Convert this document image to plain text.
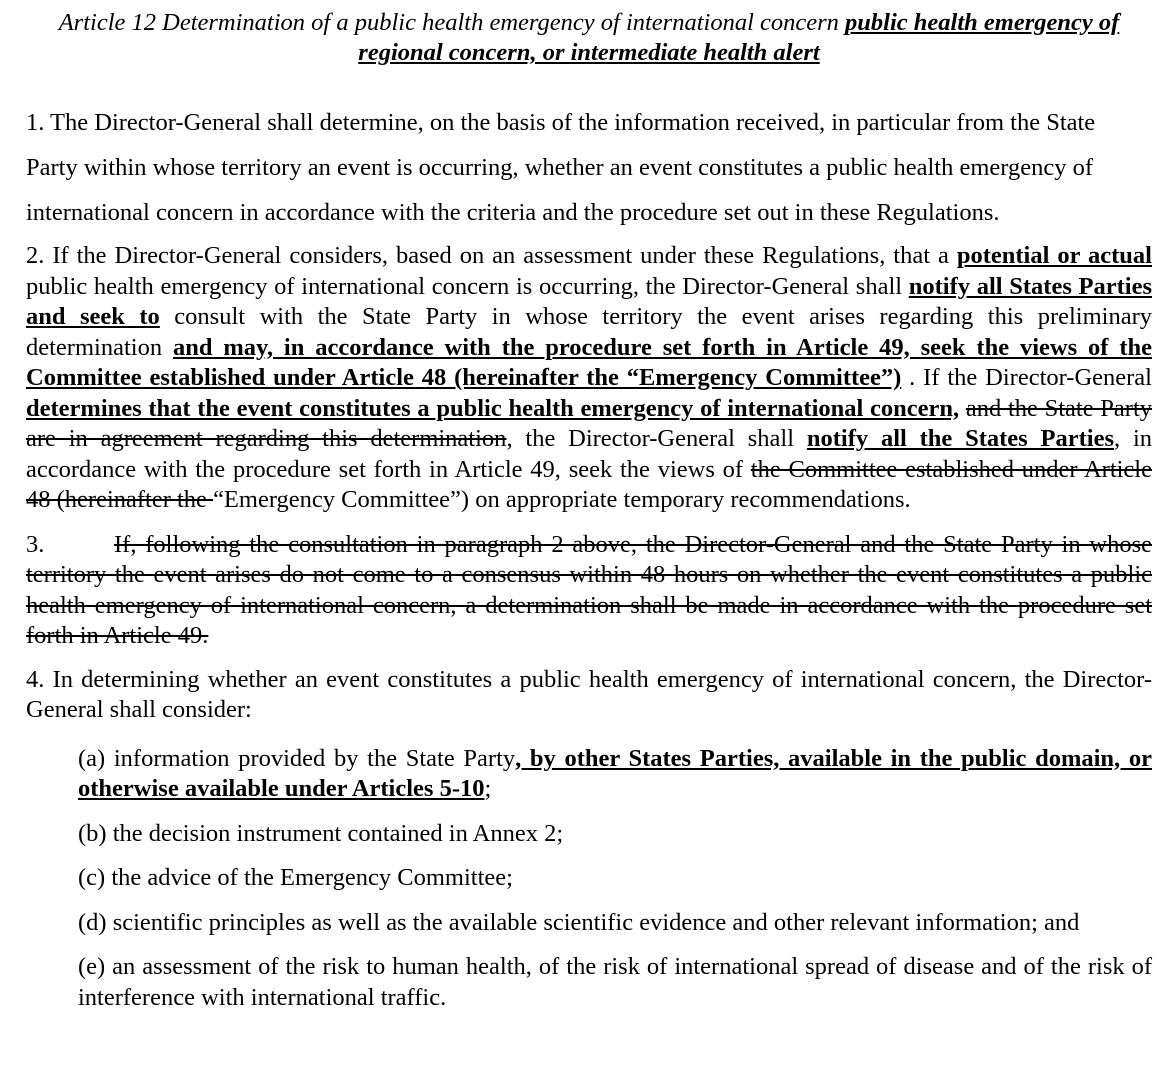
Article 12 Determination of a public health emergency of international concern public health emergency of regional concern, or intermediate health alert
1. The Director-General shall determine, on the basis of the information received, in particular from the State Party within whose territory an event is occurring, whether an event constitutes a public health emergency of international concern in accordance with the criteria and the procedure set out in these Regulations.
2. If the Director-General considers, based on an assessment under these Regulations, that a potential or actual public health emergency of international concern is occurring, the Director-General shall notify all States Parties and seek to consult with the State Party in whose territory the event arises regarding this preliminary determination and may, in accordance with the procedure set forth in Article 49, seek the views of the Committee established under Article 48 (hereinafter the “Emergency Committee”) . If the Director-General determines that the event constitutes a public health emergency of international concern, and the State Party are in agreement regarding this determination, the Director-General shall notify all the States Parties, in accordance with the procedure set forth in Article 49, seek the views of the Committee established under Article 48 (hereinafter the “Emergency Committee”) on appropriate temporary recommendations.
3.	If, following the consultation in paragraph 2 above, the Director-General and the State Party in whose territory the event arises do not come to a consensus within 48 hours on whether the event constitutes a public health emergency of international concern, a determination shall be made in accordance with the procedure set forth in Article 49.
4. In determining whether an event constitutes a public health emergency of international concern, the Director-General shall consider:
(a) information provided by the State Party, by other States Parties, available in the public domain, or otherwise available under Articles 5-10;
(b) the decision instrument contained in Annex 2;
(c) the advice of the Emergency Committee;
(d) scientific principles as well as the available scientific evidence and other relevant information; and
(e) an assessment of the risk to human health, of the risk of international spread of disease and of the risk of interference with international traffic.
